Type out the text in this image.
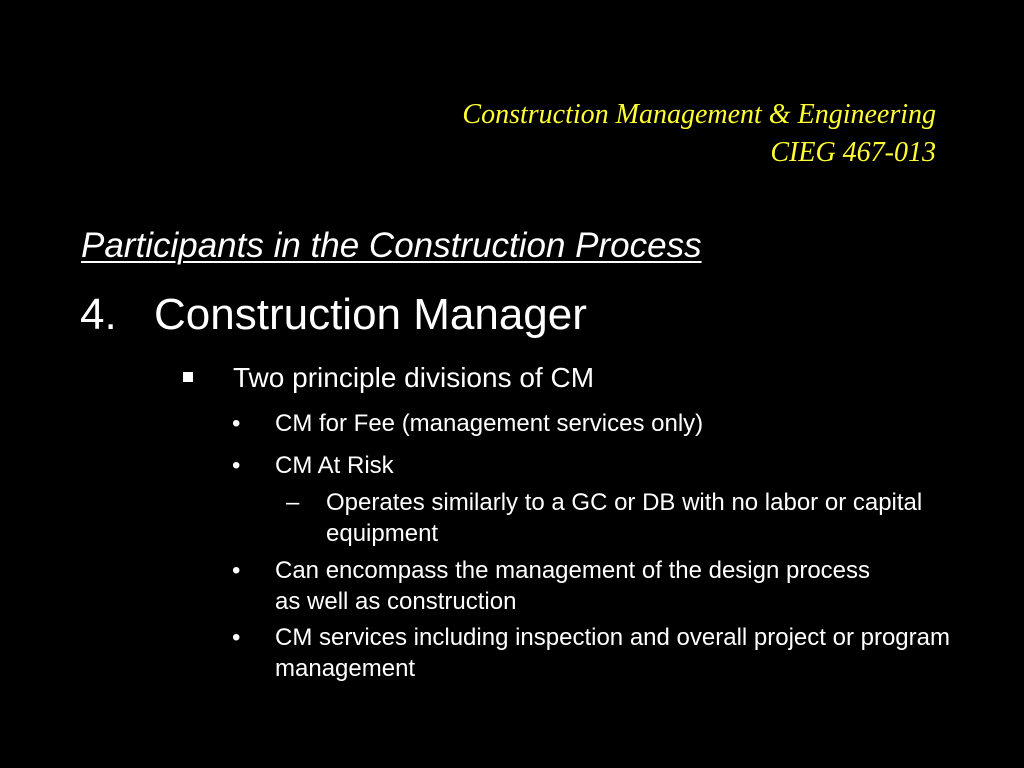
Construction Management & Engineering
CIEG 467-013
Participants in the Construction Process
4. Construction Manager
Two principle divisions of CM
• CM for Fee (management services only)
• CM At Risk
– Operates similarly to a GC or DB with no labor or capital equipment
• Can encompass the management of the design process as well as construction
• CM services including inspection and overall project or program management
